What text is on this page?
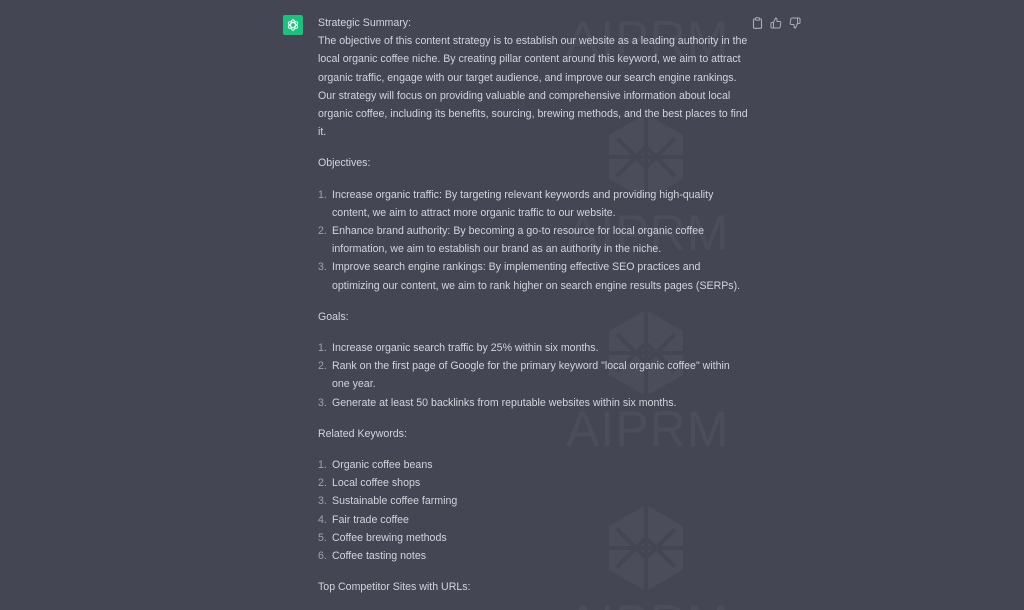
Strategic Summary:

The objective of this content strategy is to establish our website as a leading authority in the local organic coffee niche. By creating pillar content around this keyword, we aim to attract organic traffic, engage with our target audience, and improve our search engine rankings. Our strategy will focus on providing valuable and comprehensive information about local organic coffee, including its benefits, sourcing, brewing methods, and the best places to find it.

Objectives:

1. Increase organic traffic: By targeting relevant keywords and providing high-quality content, we aim to attract more organic traffic to our website.
2. Enhance brand authority: By becoming a go-to resource for local organic coffee information, we aim to establish our brand as an authority in the niche.
3. Improve search engine rankings: By implementing effective SEO practices and optimizing our content, we aim to rank higher on search engine results pages (SERPs).

Goals:

1. Increase organic search traffic by 25% within six months.
2. Rank on the first page of Google for the primary keyword "local organic coffee" within one year.
3. Generate at least 50 backlinks from reputable websites within six months.

Related Keywords:

1. Organic coffee beans
2. Local coffee shops
3. Sustainable coffee farming
4. Fair trade coffee
5. Coffee brewing methods
6. Coffee tasting notes

Top Competitor Sites with URLs:
